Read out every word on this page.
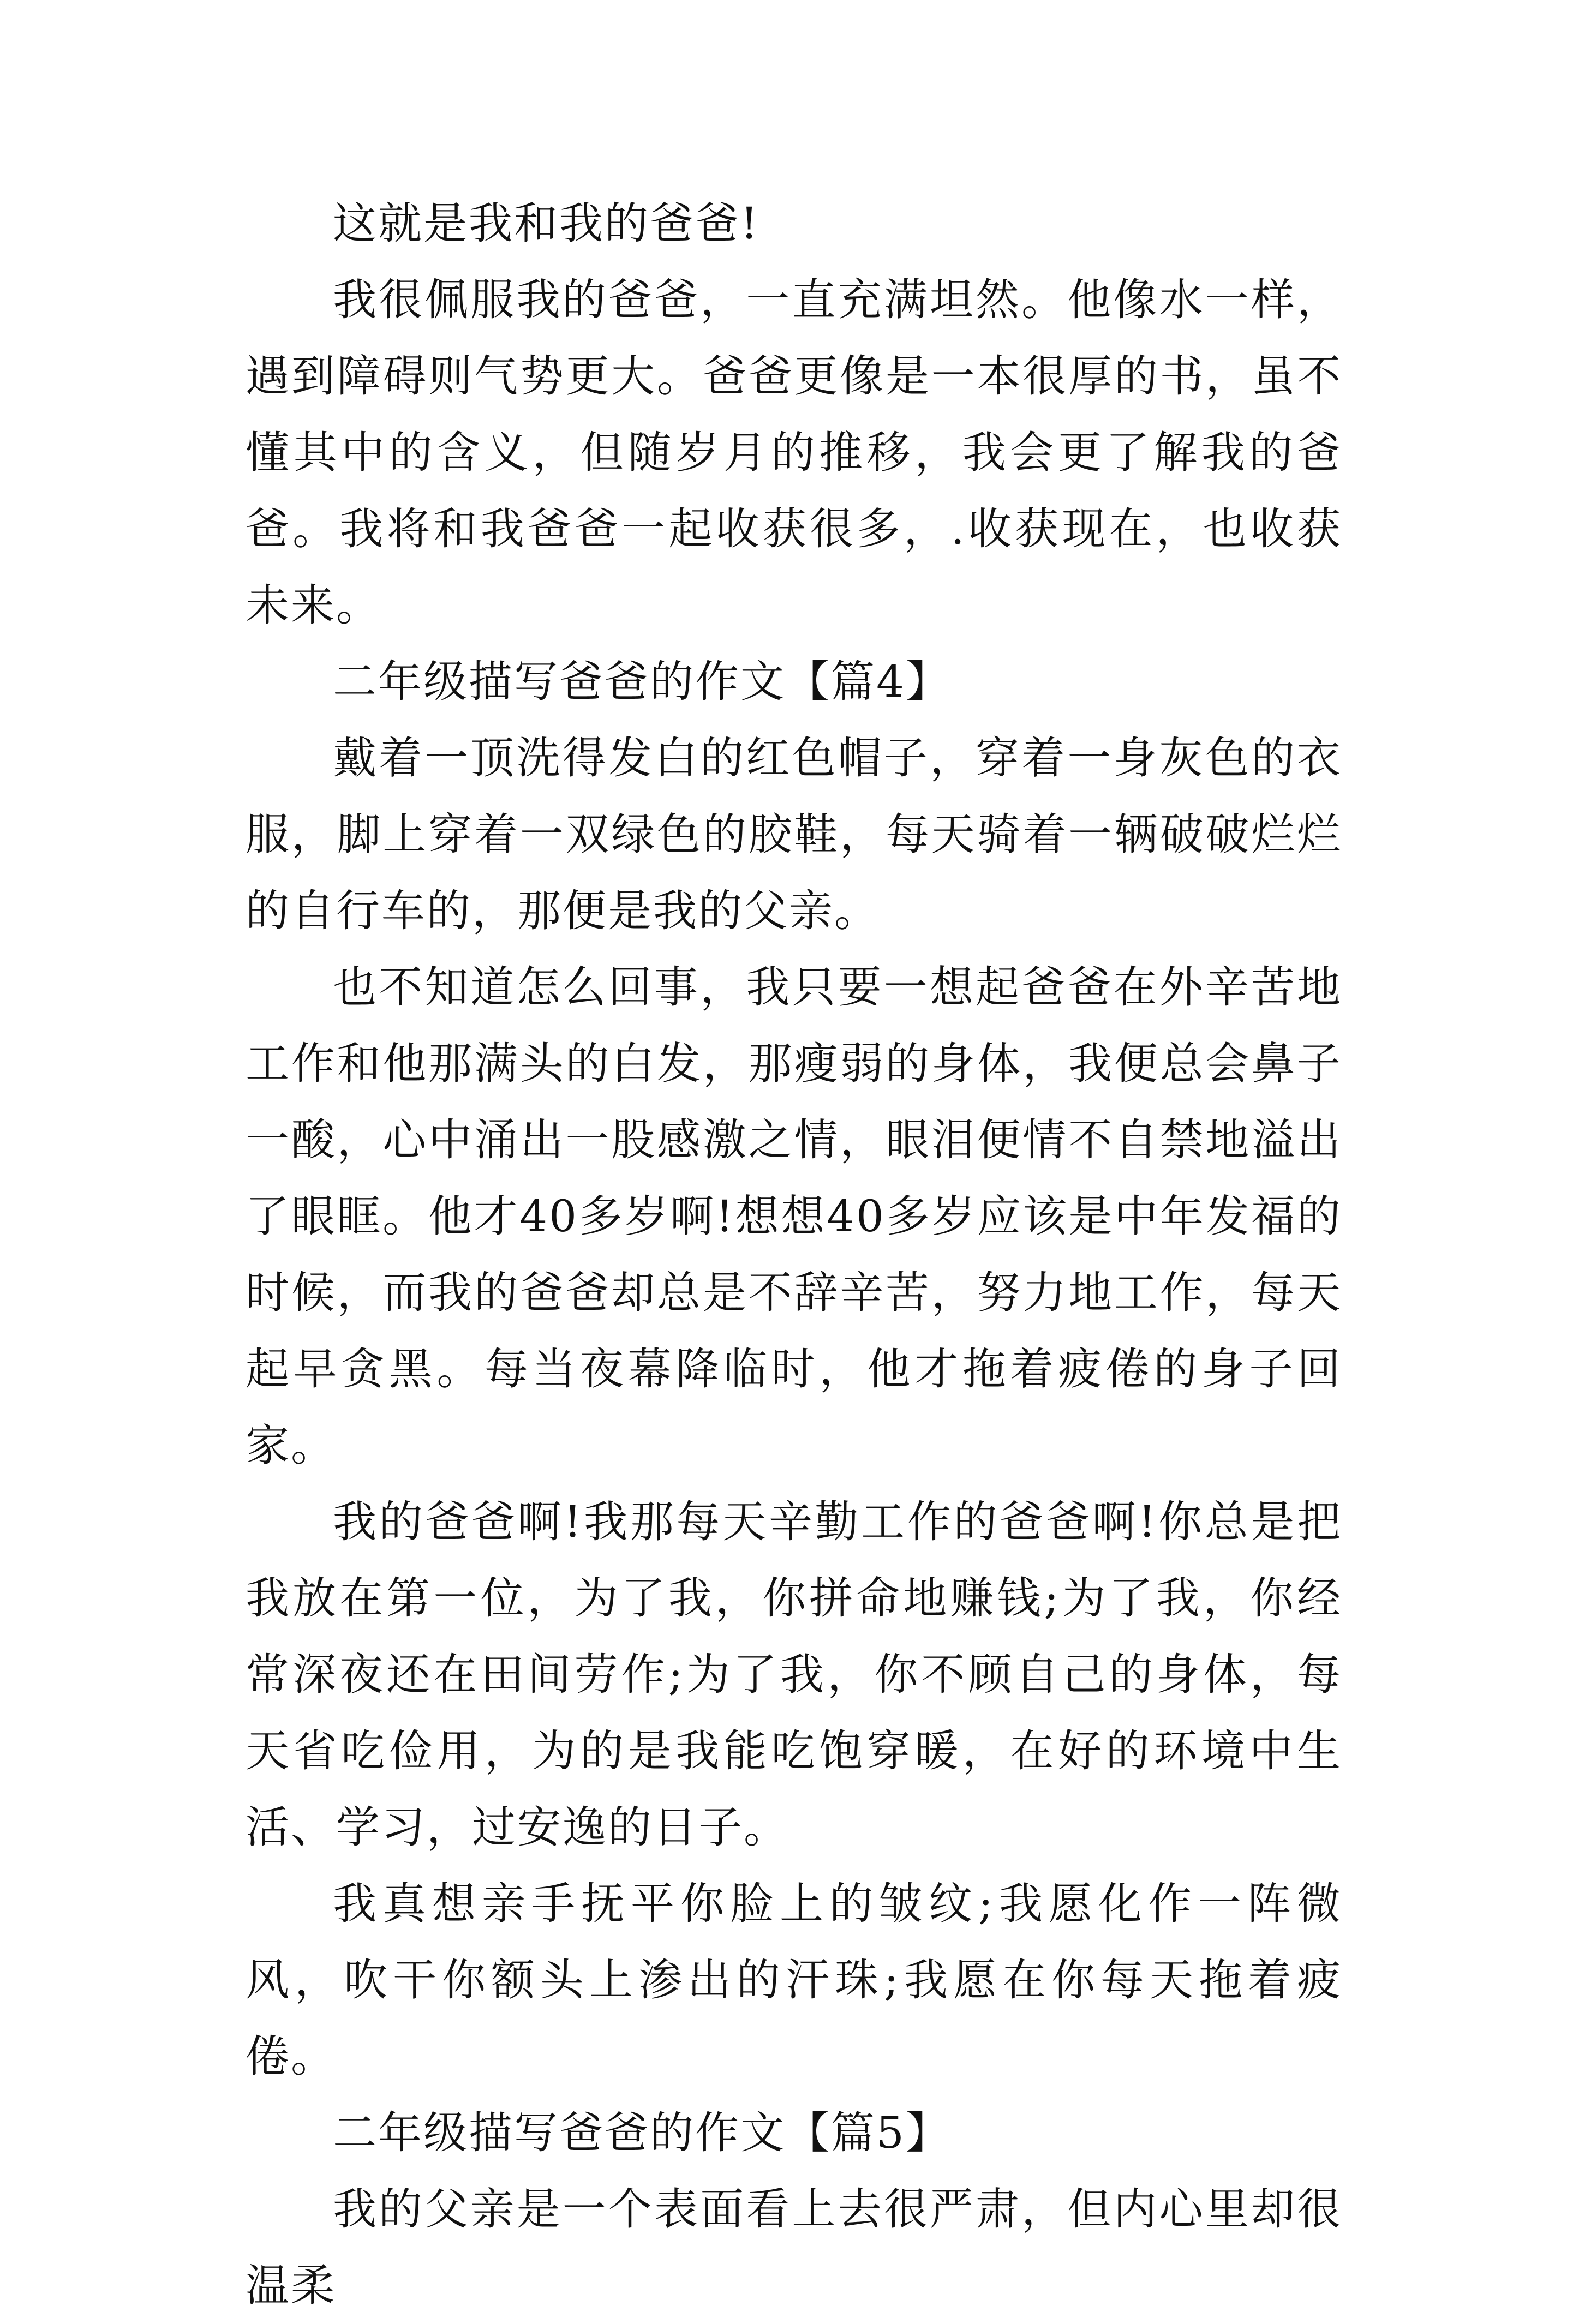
这就是我和我的爸爸!

我很佩服我的爸爸，一直充满坦然。他像水一样，遇到障碍则气势更大。爸爸更像是一本很厚的书，虽不懂其中的含义，但随岁月的推移，我会更了解我的爸爸。我将和我爸爸一起收获很多，.收获现在，也收获未来。

二年级描写爸爸的作文【篇4】

戴着一顶洗得发白的红色帽子，穿着一身灰色的衣服，脚上穿着一双绿色的胶鞋，每天骑着一辆破破烂烂的自行车的，那便是我的父亲。

也不知道怎么回事，我只要一想起爸爸在外辛苦地工作和他那满头的白发，那瘦弱的身体，我便总会鼻子一酸，心中涌出一股感激之情，眼泪便情不自禁地溢出了眼眶。他才40多岁啊!想想40多岁应该是中年发福的时候，而我的爸爸却总是不辞辛苦，努力地工作，每天起早贪黑。每当夜幕降临时，他才拖着疲倦的身子回家。

我的爸爸啊!我那每天辛勤工作的爸爸啊!你总是把我放在第一位，为了我，你拼命地赚钱;为了我，你经常深夜还在田间劳作;为了我，你不顾自己的身体，每天省吃俭用，为的是我能吃饱穿暖，在好的环境中生活、学习，过安逸的日子。

我真想亲手抚平你脸上的皱纹;我愿化作一阵微风，吹干你额头上渗出的汗珠;我愿在你每天拖着疲倦。

二年级描写爸爸的作文【篇5】

我的父亲是一个表面看上去很严肃，但内心里却很温柔
